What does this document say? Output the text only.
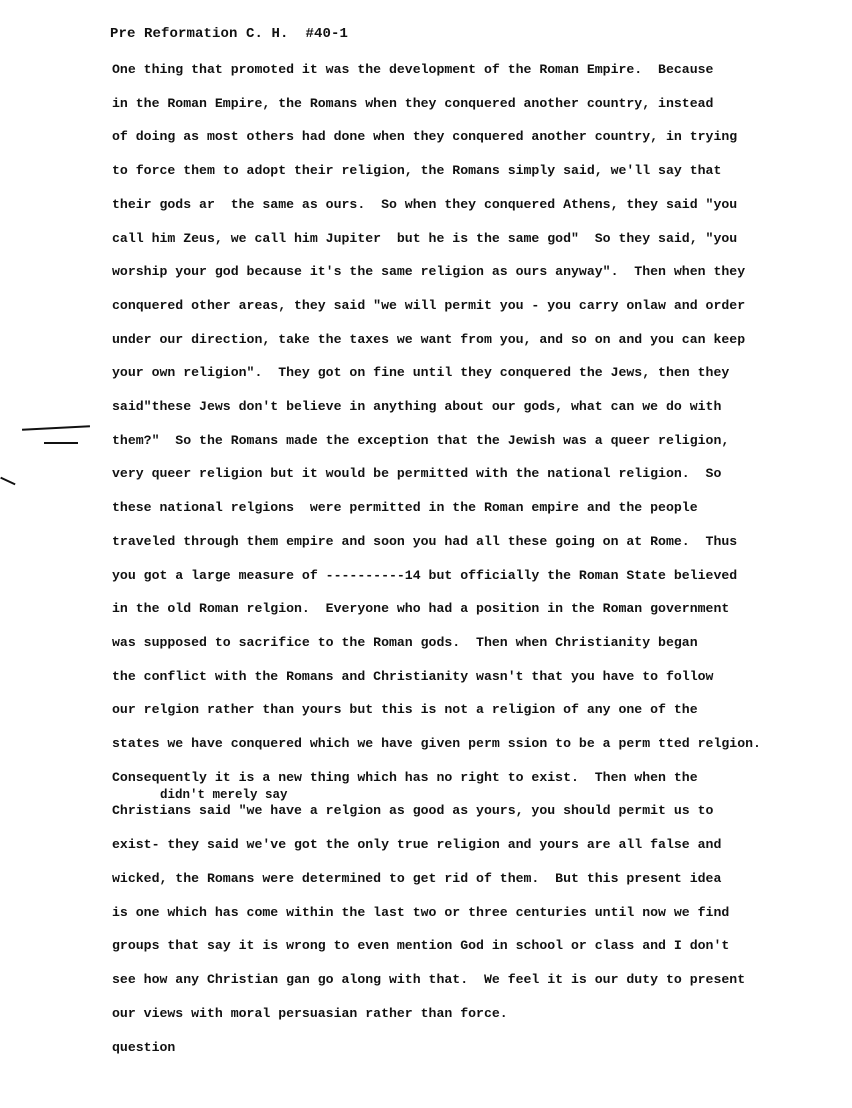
Pre Reformation C. H.  #40-1
One thing that promoted it was the development of the Roman Empire.  Because
in the Roman Empire, the Romans when they conquered another country, instead
of doing as most others had done when they conquered another country, in trying
to force them to adopt their religion, the Romans simply said, we'll say that
their gods ar  the same as ours.  So when they conquered Athens, they said "you
call him Zeus, we call him Jupiter  but he is the same god"  So they said, "you
worship your god because it's the same religion as ours anyway".  Then when they
conquered other areas, they said "we will permit you - you carry onlaw and order
under our direction, take the taxes we want from you, and so on and you can keep
your own religion".  They got on fine until they conquered the Jews, then they
said"these Jews don't believe in anything about our gods, what can we do with
them?"  So the Romans made the exception that the Jewish was a queer religion,
very queer religion but it would be permitted with the national religion.  So
these national relgions  were permitted in the Roman empire and the people
traveled through them empire and soon you had all these going on at Rome.  Thus
you got a large measure of ----------14 but officially the Roman State believed
in the old Roman relgion.  Everyone who had a position in the Roman government
was supposed to sacrifice to the Roman gods.  Then when Christianity began
the conflict with the Romans and Christianity wasn't that you have to follow
our relgion rather than yours but this is not a religion of any one of the
states we have conquered which we have given perm ssion to be a perm tted relgion.
Consequently it is a new thing which has no right to exist.  Then when the
Christians said "we have a relgion as good as yours, you should permit us to
exist- they said we've got the only true religion and yours are all false and
wicked, the Romans were determined to get rid of them.  But this present idea
is one which has come within the last two or three centuries until now we find
groups that say it is wrong to even mention God in school or class and I don't
see how any Christian gan go along with that.  We feel it is our duty to present
our views with moral persuasian rather than force.
didn't merely say
question
